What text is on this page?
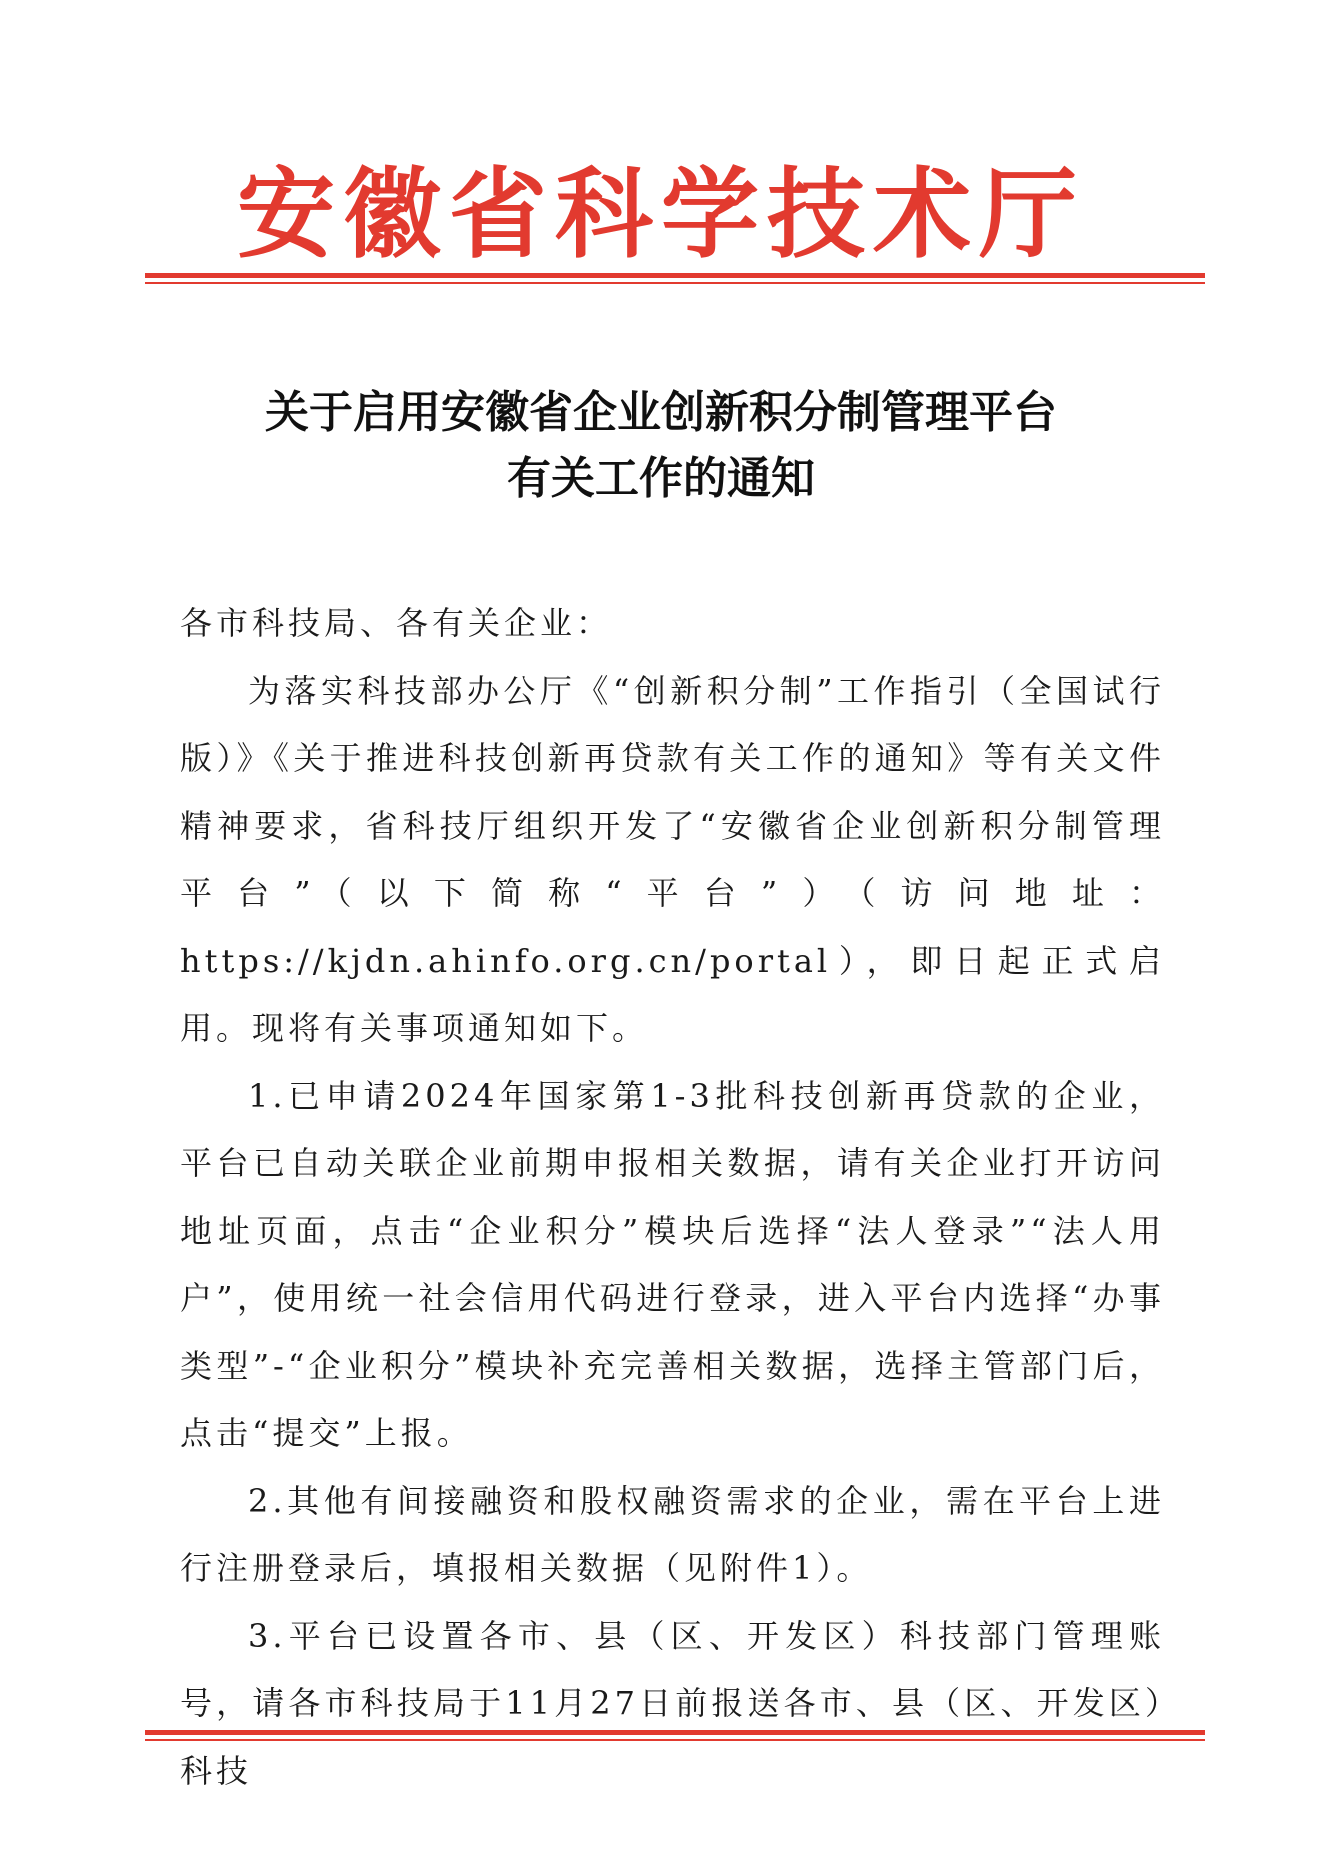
安徽省科学技术厅
关于启用安徽省企业创新积分制管理平台
有关工作的通知

各市科技局、各有关企业：

为落实科技部办公厅《“创新积分制”工作指引（全国试行版）》《关于推进科技创新再贷款有关工作的通知》等有关文件精神要求，省科技厅组织开发了“安徽省企业创新积分制管理平台”（以下简称“平台”）（访问地址：https://kjdn.ahinfo.org.cn/portal），即日起正式启用。现将有关事项通知如下。

1.已申请2024年国家第1-3批科技创新再贷款的企业，平台已自动关联企业前期申报相关数据，请有关企业打开访问地址页面，点击“企业积分”模块后选择“法人登录”“法人用户”，使用统一社会信用代码进行登录，进入平台内选择“办事类型”-“企业积分”模块补充完善相关数据，选择主管部门后，点击“提交”上报。

2.其他有间接融资和股权融资需求的企业，需在平台上进行注册登录后，填报相关数据（见附件1）。

3.平台已设置各市、县（区、开发区）科技部门管理账号，请各市科技局于11月27日前报送各市、县（区、开发区）科技
